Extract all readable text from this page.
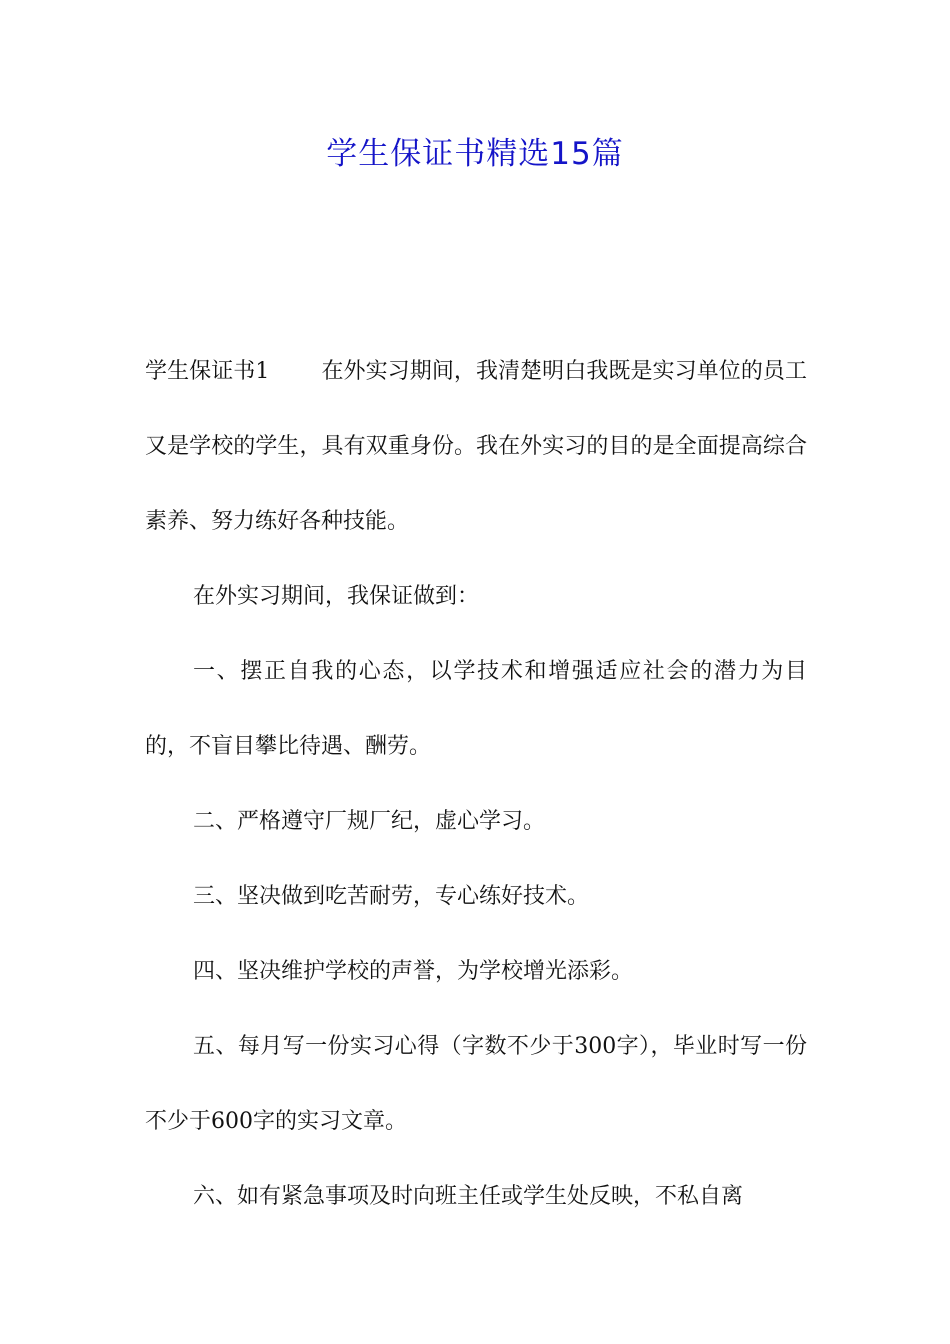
学生保证书精选15篇

学生保证书1 在外实习期间，我清楚明白我既是实习单位的员工又是学校的学生，具有双重身份。我在外实习的目的是全面提高综合素养、努力练好各种技能。

在外实习期间，我保证做到：

一、摆正自我的心态，以学技术和增强适应社会的潜力为目的，不盲目攀比待遇、酬劳。

二、严格遵守厂规厂纪，虚心学习。

三、坚决做到吃苦耐劳，专心练好技术。

四、坚决维护学校的声誉，为学校增光添彩。

五、每月写一份实习心得（字数不少于300字），毕业时写一份不少于600字的实习文章。

六、如有紧急事项及时向班主任或学生处反映，不私自离
